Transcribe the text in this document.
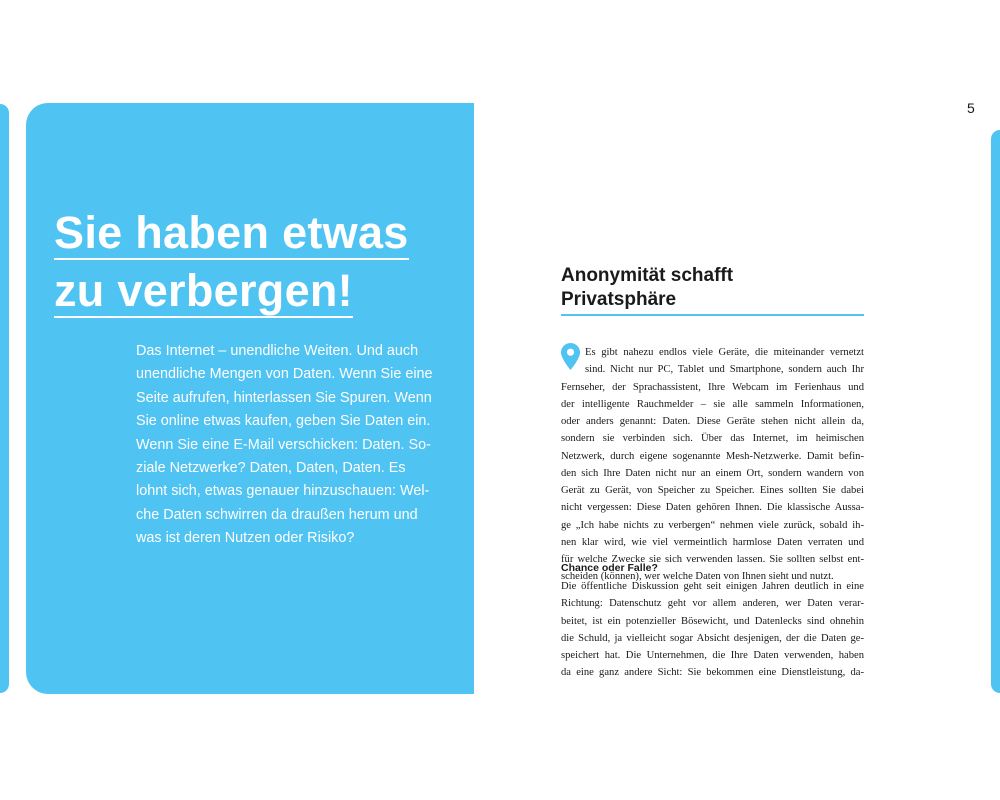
Sie haben etwas
zu verbergen!

Das Internet – unendliche Weiten. Und auch
unendliche Mengen von Daten. Wenn Sie eine
Seite aufrufen, hinterlassen Sie Spuren. Wenn
Sie online etwas kaufen, geben Sie Daten ein.
Wenn Sie eine E-Mail verschicken: Daten. So-
ziale Netzwerke? Daten, Daten, Daten. Es
lohnt sich, etwas genauer hinzuschauen: Wel-
che Daten schwirren da draußen herum und
was ist deren Nutzen oder Risiko?

5
Anonymität schafft
Privatsphäre
Es gibt nahezu endlos viele Geräte, die miteinander vernetzt
sind. Nicht nur PC, Tablet und Smartphone, sondern auch Ihr
Fernseher, der Sprachassistent, Ihre Webcam im Ferienhaus und
der intelligente Rauchmelder – sie alle sammeln Informationen,
oder anders genannt: Daten. Diese Geräte stehen nicht allein da,
sondern sie verbinden sich. Über das Internet, im heimischen
Netzwerk, durch eigene sogenannte Mesh-Netzwerke. Damit befin-
den sich Ihre Daten nicht nur an einem Ort, sondern wandern von
Gerät zu Gerät, von Speicher zu Speicher. Eines sollten Sie dabei
nicht vergessen: Diese Daten gehören Ihnen. Die klassische Aussa-
ge „Ich habe nichts zu verbergen“ nehmen viele zurück, sobald ih-
nen klar wird, wie viel vermeintlich harmlose Daten verraten und
für welche Zwecke sie sich verwenden lassen. Sie sollten selbst ent-
scheiden (können), wer welche Daten von Ihnen sieht und nutzt.
Chance oder Falle?
Die öffentliche Diskussion geht seit einigen Jahren deutlich in eine
Richtung: Datenschutz geht vor allem anderen, wer Daten verar-
beitet, ist ein potenzieller Bösewicht, und Datenlecks sind ohnehin
die Schuld, ja vielleicht sogar Absicht desjenigen, der die Daten ge-
speichert hat. Die Unternehmen, die Ihre Daten verwenden, haben
da eine ganz andere Sicht: Sie bekommen eine Dienstleistung, da-
